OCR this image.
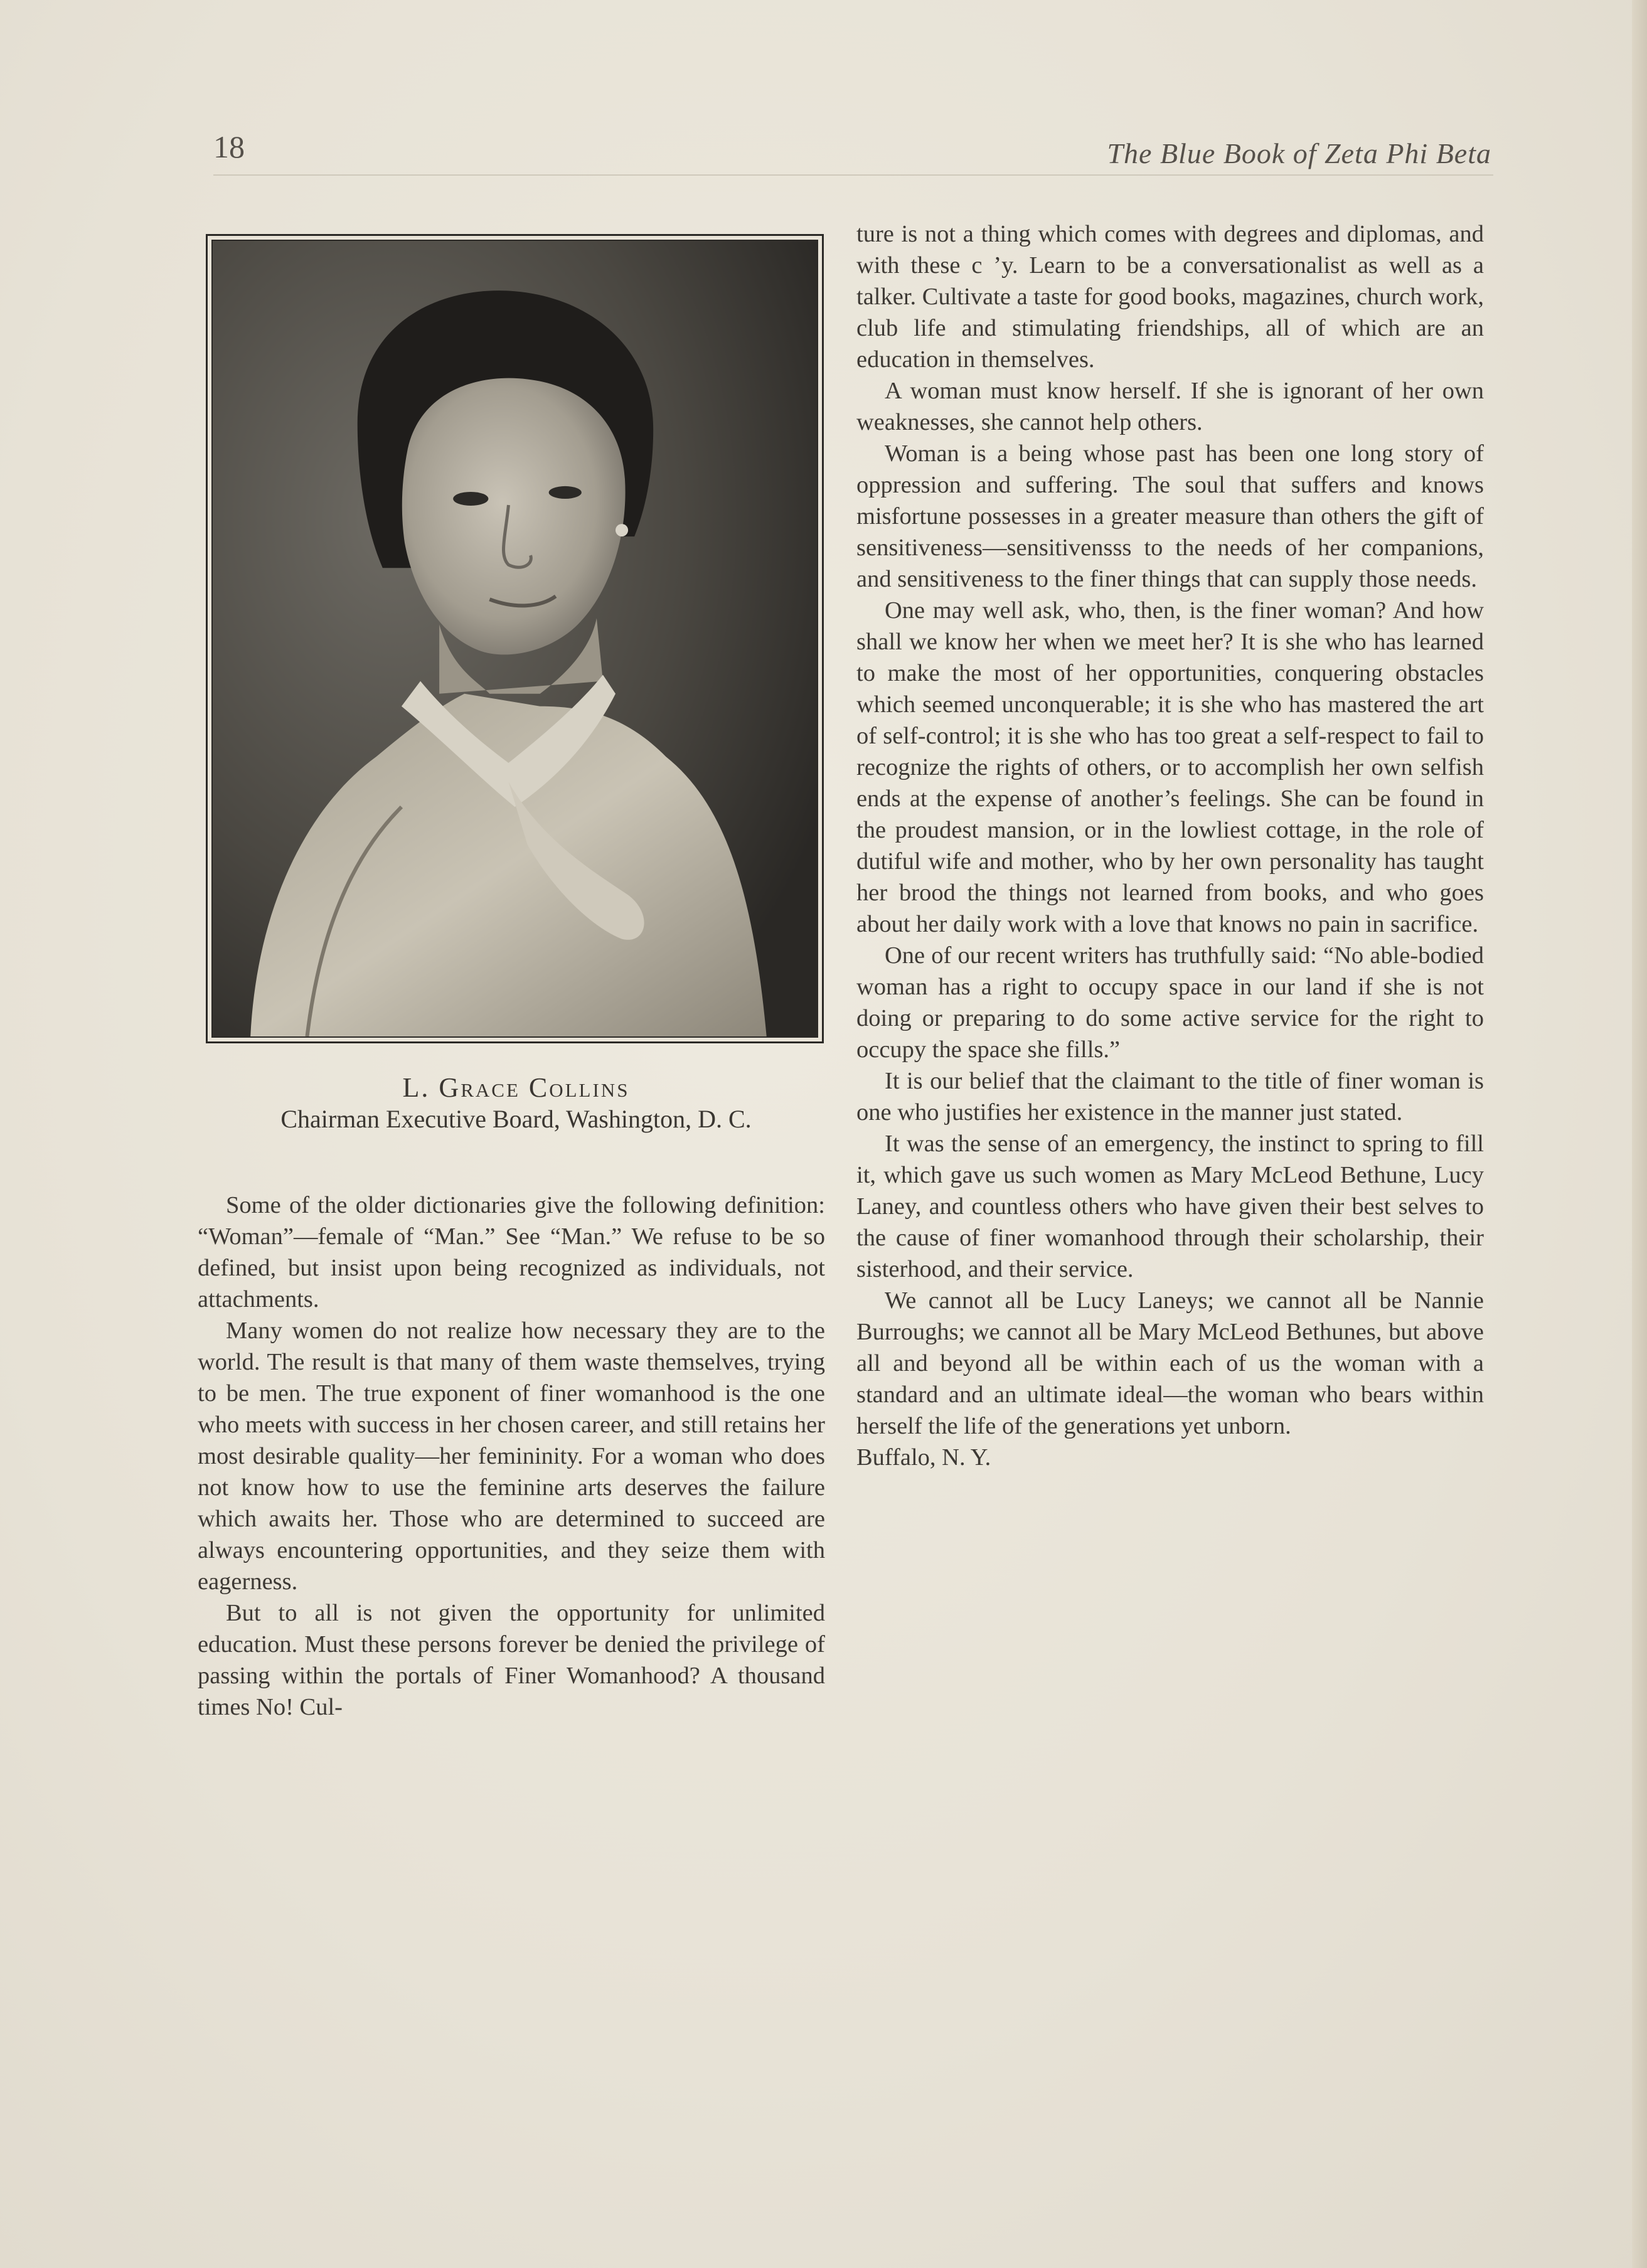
18	The Blue Book of Zeta Phi Beta
L. Grace Collins
Chairman Executive Board, Washington, D. C.

Some of the older dictionaries give the following definition: “Woman”—female of “Man.” See “Man.” We refuse to be so defined, but insist upon being recognized as individuals, not attachments.

Many women do not realize how necessary they are to the world. The result is that many of them waste themselves, trying to be men. The true exponent of finer womanhood is the one who meets with success in her chosen career, and still retains her most desirable quality—her femininity. For a woman who does not know how to use the feminine arts deserves the failure which awaits her. Those who are determined to succeed are always encountering opportunities, and they seize them with eagerness.

But to all is not given the opportunity for unlimited education. Must these persons forever be denied the privilege of passing within the portals of Finer Womanhood? A thousand times No! Cul-

ture is not a thing which comes with degrees and diplomas, and with these c ’y. Learn to be a conversationalist as well as a talker. Cultivate a taste for good books, magazines, church work, club life and stimulating friendships, all of which are an education in themselves.

A woman must know herself. If she is ignorant of her own weaknesses, she cannot help others.

Woman is a being whose past has been one long story of oppression and suffering. The soul that suffers and knows misfortune possesses in a greater measure than others the gift of sensitiveness—sensitivensss to the needs of her companions, and sensitiveness to the finer things that can supply those needs.

One may well ask, who, then, is the finer woman? And how shall we know her when we meet her? It is she who has learned to make the most of her opportunities, conquering obstacles which seemed unconquerable; it is she who has mastered the art of self-control; it is she who has too great a self-respect to fail to recognize the rights of others, or to accomplish her own selfish ends at the expense of another’s feelings. She can be found in the proudest mansion, or in the lowliest cottage, in the role of dutiful wife and mother, who by her own personality has taught her brood the things not learned from books, and who goes about her daily work with a love that knows no pain in sacrifice.

One of our recent writers has truthfully said: “No able-bodied woman has a right to occupy space in our land if she is not doing or preparing to do some active service for the right to occupy the space she fills.”

It is our belief that the claimant to the title of finer woman is one who justifies her existence in the manner just stated.

It was the sense of an emergency, the instinct to spring to fill it, which gave us such women as Mary McLeod Bethune, Lucy Laney, and countless others who have given their best selves to the cause of finer womanhood through their scholarship, their sisterhood, and their service.

We cannot all be Lucy Laneys; we cannot all be Nannie Burroughs; we cannot all be Mary McLeod Bethunes, but above all and beyond all be within each of us the woman with a standard and an ultimate ideal—the woman who bears within herself the life of the generations yet unborn.

Buffalo, N. Y.
